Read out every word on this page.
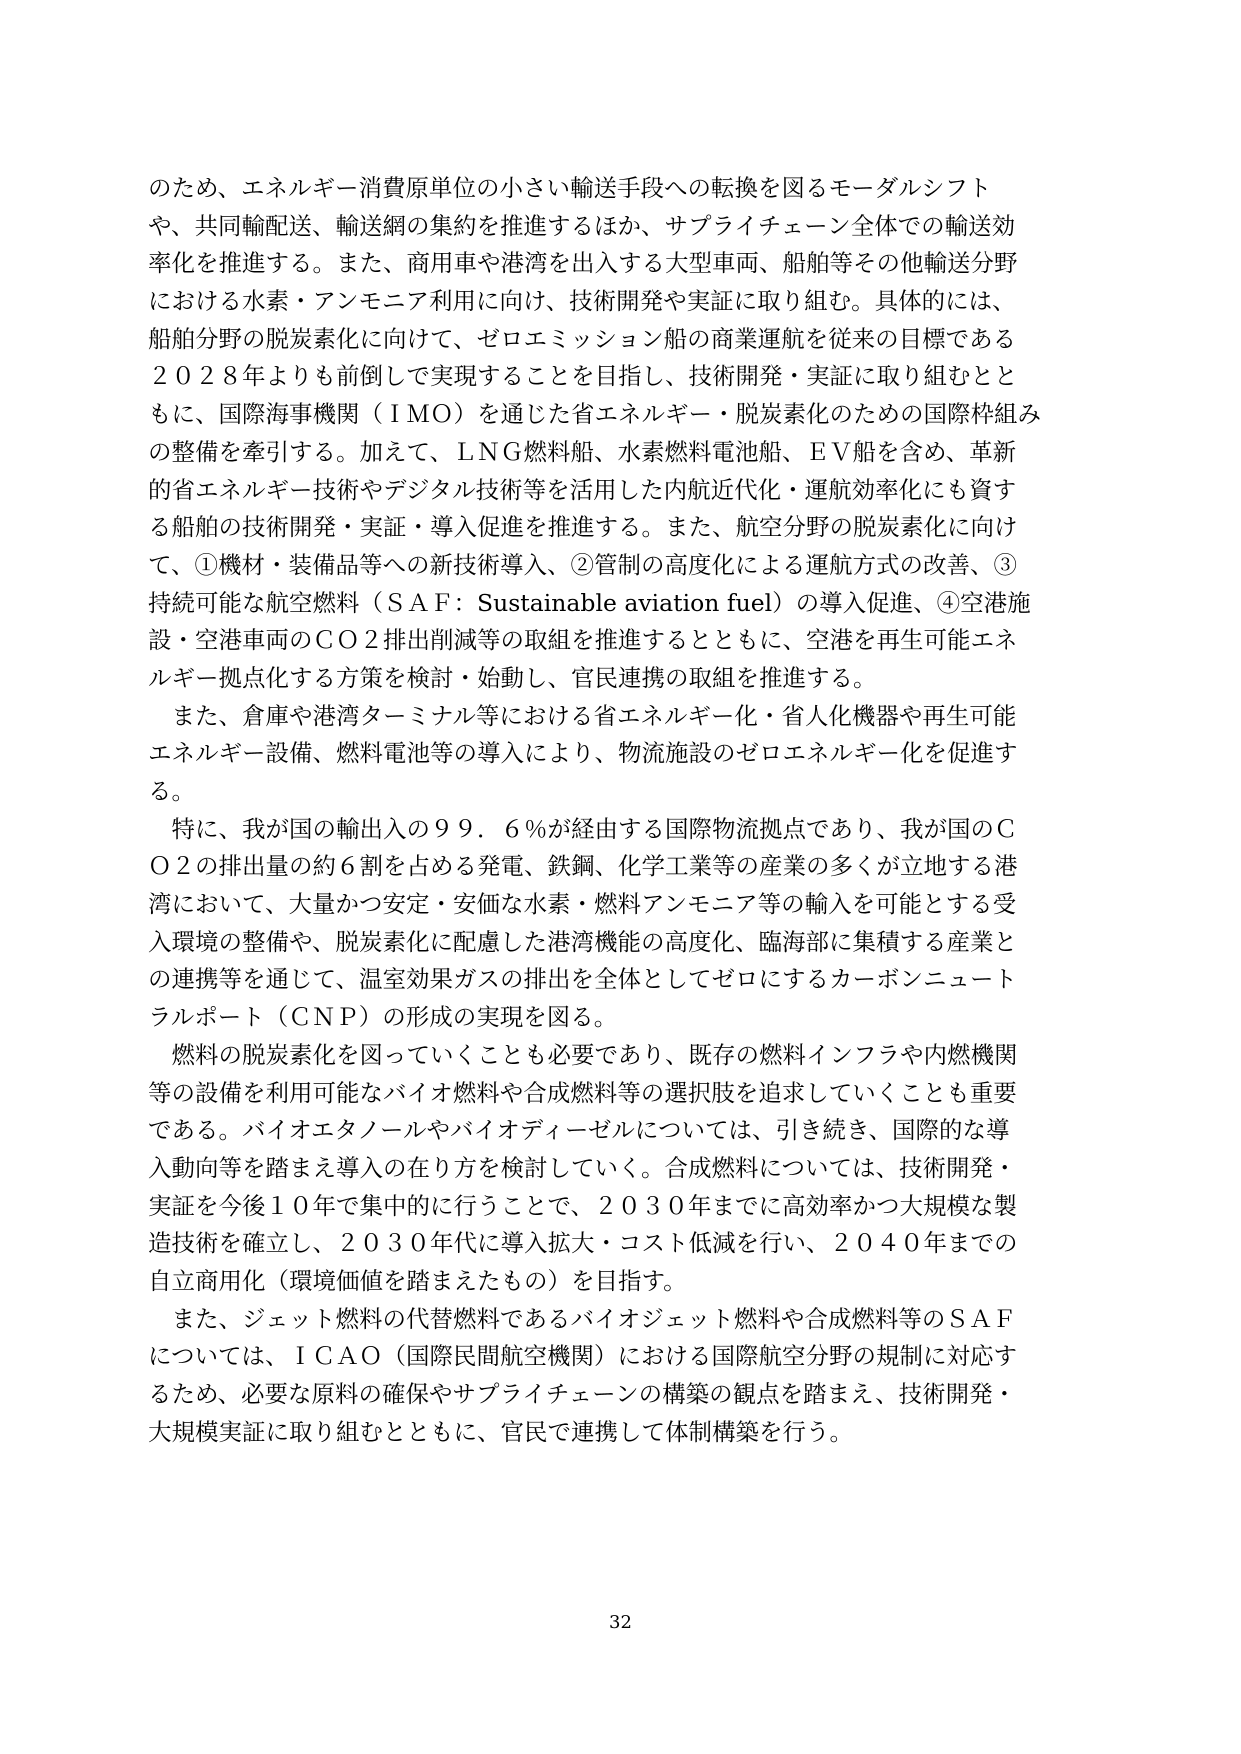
のため、エネルギー消費原単位の小さい輸送手段への転換を図るモーダルシフト
や、共同輸配送、輸送網の集約を推進するほか、サプライチェーン全体での輸送効
率化を推進する。また、商用車や港湾を出入する大型車両、船舶等その他輸送分野
における水素・アンモニア利用に向け、技術開発や実証に取り組む。具体的には、
船舶分野の脱炭素化に向けて、ゼロエミッション船の商業運航を従来の目標である
２０２８年よりも前倒しで実現することを目指し、技術開発・実証に取り組むとと
もに、国際海事機関（ＩＭＯ）を通じた省エネルギー・脱炭素化のための国際枠組み
の整備を牽引する。加えて、ＬＮＧ燃料船、水素燃料電池船、ＥＶ船を含め、革新
的省エネルギー技術やデジタル技術等を活用した内航近代化・運航効率化にも資す
る船舶の技術開発・実証・導入促進を推進する。また、航空分野の脱炭素化に向け
て、①機材・装備品等への新技術導入、②管制の高度化による運航方式の改善、③
持続可能な航空燃料（ＳＡＦ：Sustainable aviation fuel）の導入促進、④空港施
設・空港車両のＣＯ２排出削減等の取組を推進するとともに、空港を再生可能エネ
ルギー拠点化する方策を検討・始動し、官民連携の取組を推進する。
　また、倉庫や港湾ターミナル等における省エネルギー化・省人化機器や再生可能
エネルギー設備、燃料電池等の導入により、物流施設のゼロエネルギー化を促進す
る。
　特に、我が国の輸出入の９９．６％が経由する国際物流拠点であり、我が国のＣ
Ｏ２の排出量の約６割を占める発電、鉄鋼、化学工業等の産業の多くが立地する港
湾において、大量かつ安定・安価な水素・燃料アンモニア等の輸入を可能とする受
入環境の整備や、脱炭素化に配慮した港湾機能の高度化、臨海部に集積する産業と
の連携等を通じて、温室効果ガスの排出を全体としてゼロにするカーボンニュート
ラルポート（ＣＮＰ）の形成の実現を図る。
　燃料の脱炭素化を図っていくことも必要であり、既存の燃料インフラや内燃機関
等の設備を利用可能なバイオ燃料や合成燃料等の選択肢を追求していくことも重要
である。バイオエタノールやバイオディーゼルについては、引き続き、国際的な導
入動向等を踏まえ導入の在り方を検討していく。合成燃料については、技術開発・
実証を今後１０年で集中的に行うことで、２０３０年までに高効率かつ大規模な製
造技術を確立し、２０３０年代に導入拡大・コスト低減を行い、２０４０年までの
自立商用化（環境価値を踏まえたもの）を目指す。
　また、ジェット燃料の代替燃料であるバイオジェット燃料や合成燃料等のＳＡＦ
については、ＩＣＡＯ（国際民間航空機関）における国際航空分野の規制に対応す
るため、必要な原料の確保やサプライチェーンの構築の観点を踏まえ、技術開発・
大規模実証に取り組むとともに、官民で連携して体制構築を行う。
32
